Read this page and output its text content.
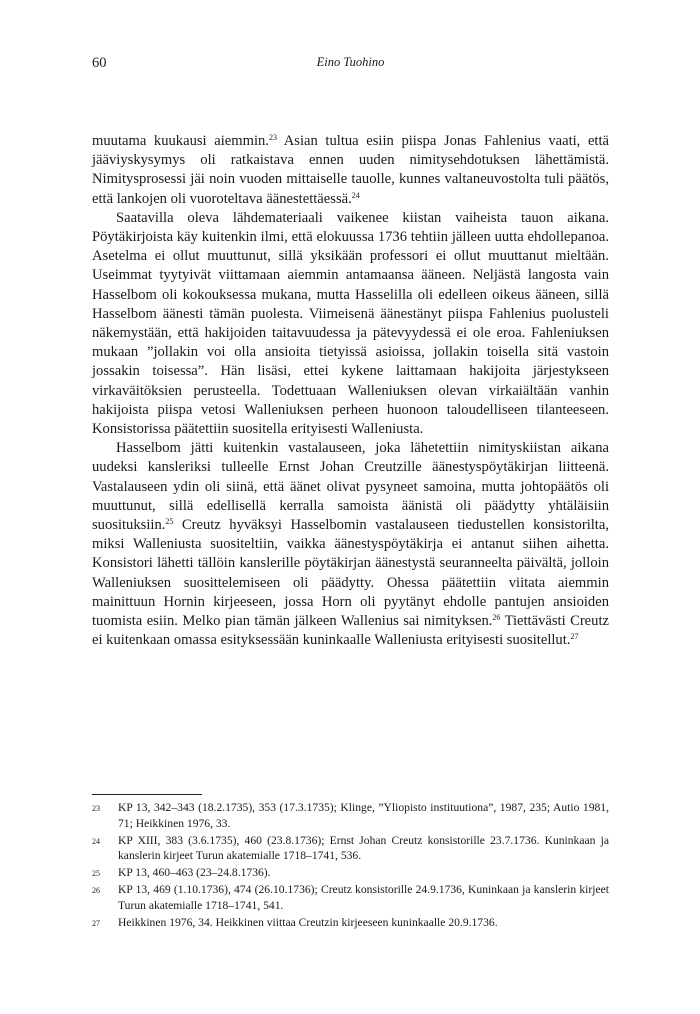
60	Eino Tuohino

muutama kuukausi aiemmin.$^{23}$ Asian tultua esiin piispa Jonas Fahlenius vaati, että jääviyskysymys oli ratkaistava ennen uuden nimitysehdotuksen lähettämistä. Nimitysprosessi jäi noin vuoden mittaiselle tauolle, kunnes valtaneuvostolta tuli päätös, että lankojen oli vuoroteltava äänestettäessä.$^{24}$

Saatavilla oleva lähdemateriaali vaikenee kiistan vaiheista tauon aikana. Pöytäkirjoista käy kuitenkin ilmi, että elokuussa 1736 tehtiin jälleen uutta ehdollepanoa. Asetelma ei ollut muuttunut, sillä yksikään professori ei ollut muuttanut mieltään. Useimmat tyytyivät viittamaan aiemmin antamaansa ääneen. Neljästä langosta vain Hasselbom oli kokouksessa mukana, mutta Hasselilla oli edelleen oikeus ääneen, sillä Hasselbom äänesti tämän puolesta. Viimeisenä äänestänyt piispa Fahlenius puolusteli näkemystään, että hakijoiden taitavuudessa ja pätevyydessä ei ole eroa. Fahleniuksen mukaan ”jollakin voi olla ansioita tietyissä asioissa, jollakin toisella sitä vastoin jossakin toisessa”. Hän lisäsi, ettei kykene laittamaan hakijoita järjestykseen virkaväitöksien perusteella. Todettuaan Walleniuksen olevan virkaiältään vanhin hakijoista piispa vetosi Walleniuksen perheen huonoon taloudelliseen tilanteeseen. Konsistorissa päätettiin suositella erityisesti Walleniusta.

Hasselbom jätti kuitenkin vastalauseen, joka lähetettiin nimityskiistan aikana uudeksi kansleriksi tulleelle Ernst Johan Creutzille äänestyspöytäkirjan liitteenä. Vastalauseen ydin oli siinä, että äänet olivat pysyneet samoina, mutta johtopäätös oli muuttunut, sillä edellisellä kerralla samoista äänistä oli päädytty yhtäläisiin suosituksiin.$^{25}$ Creutz hyväksyi Hasselbomin vastalauseen tiedustellen konsistorilta, miksi Walleniusta suositeltiin, vaikka äänestyspöytäkirja ei antanut siihen aihetta. Konsistori lähetti tällöin kanslerille pöytäkirjan äänestystä seuranneelta päivältä, jolloin Walleniuksen suosittelemiseen oli päädytty. Ohessa päätettiin viitata aiemmin mainittuun Hornin kirjeeseen, jossa Horn oli pyytänyt ehdolle pantujen ansioiden tuomista esiin. Melko pian tämän jälkeen Wallenius sai nimityksen.$^{26}$ Tiettävästi Creutz ei kuitenkaan omassa esityksessään kuninkaalle Walleniusta erityisesti suositellut.$^{27}$

23 KP 13, 342–343 (18.2.1735), 353 (17.3.1735); Klinge, ”Yliopisto instituutiona”, 1987, 235; Autio 1981, 71; Heikkinen 1976, 33.
24 KP XIII, 383 (3.6.1735), 460 (23.8.1736); Ernst Johan Creutz konsistorille 23.7.1736. Kuninkaan ja kanslerin kirjeet Turun akatemialle 1718–1741, 536.
25 KP 13, 460–463 (23–24.8.1736).
26 KP 13, 469 (1.10.1736), 474 (26.10.1736); Creutz konsistorille 24.9.1736, Kuninkaan ja kanslerin kirjeet Turun akatemialle 1718–1741, 541.
27 Heikkinen 1976, 34. Heikkinen viittaa Creutzin kirjeeseen kuninkaalle 20.9.1736.
